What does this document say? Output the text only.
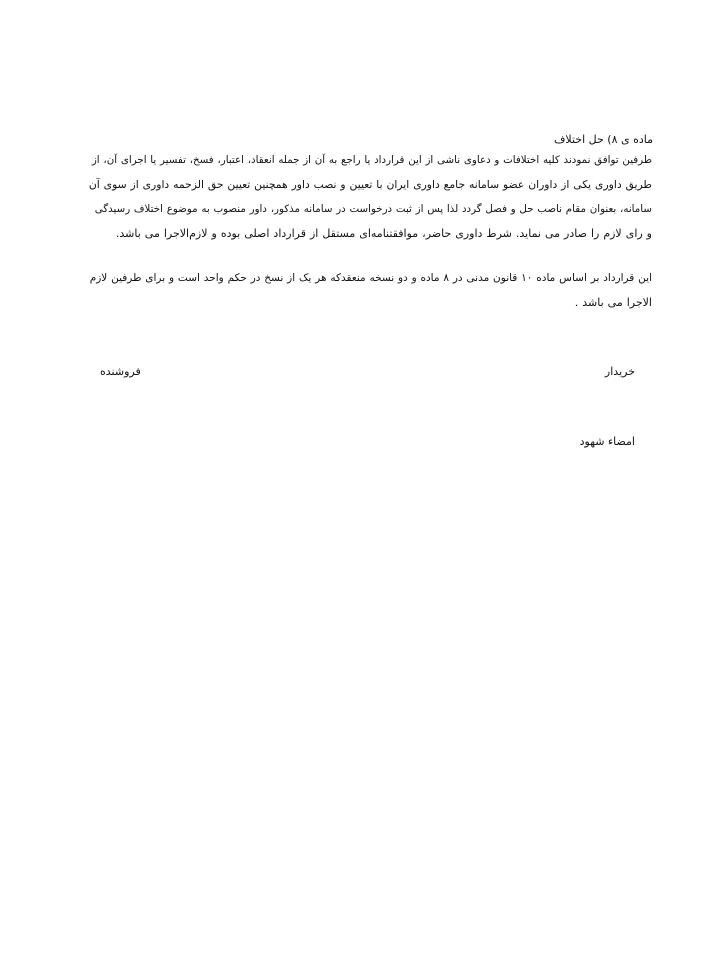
ماده ی ۸) حل اختلاف
طرفین توافق نمودند کلیه اختلافات و دعاوی ناشی از این قرارداد یا راجع به آن از جمله انعقاد، اعتبار، فسخ، تفسیر یا اجرای آن، از
طریق داوری یکی از داوران عضو سامانه جامع داوری ایران با تعیین و نصب داور همچنین تعیین حق الزحمه داوری از سوی آن
سامانه، بعنوان مقام ناصب حل و فصل گردد لذا پس از ثبت درخواست در سامانه مذکور، داور منصوب به موضوع اختلاف رسیدگی
و رای لازم را صادر می نماید. شرط داوری حاضر، موافقتنامه‌ای مستقل از قرارداد اصلی بوده و لازم‌الاجرا می باشد.
این قرارداد بر اساس ماده ۱۰ قانون مدنی در ۸ ماده و دو نسخه منعقدکه هر یک از نسخ در حکم واحد است و برای طرفین لازم
الاجرا می باشد .
خریدار
فروشنده
امضاء شهود
